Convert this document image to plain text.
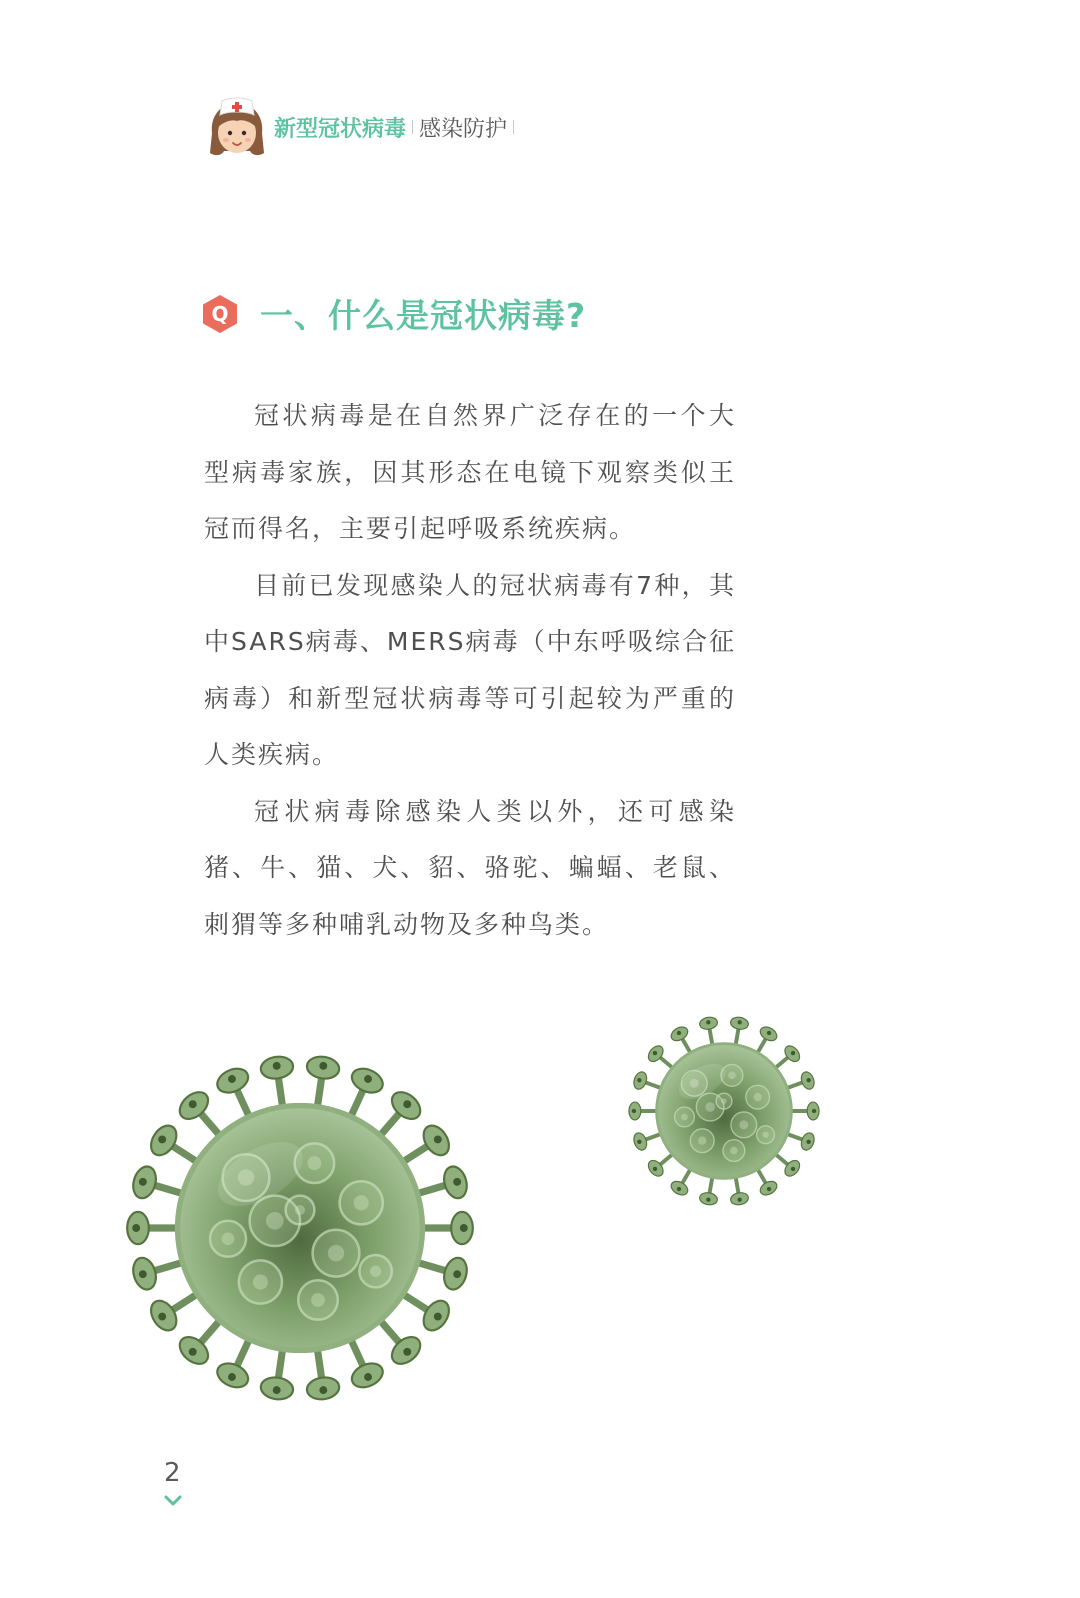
新型冠状病毒 感染防护
Q 一、什么是冠状病毒?

冠状病毒是在自然界广泛存在的一个大型病毒家族，因其形态在电镜下观察类似王冠而得名，主要引起呼吸系统疾病。

目前已发现感染人的冠状病毒有7种，其中SARS病毒、MERS病毒（中东呼吸综合征病毒）和新型冠状病毒等可引起较为严重的人类疾病。

冠状病毒除感染人类以外，还可感染猪、牛、猫、犬、貂、骆驼、蝙蝠、老鼠、刺猬等多种哺乳动物及多种鸟类。

2
